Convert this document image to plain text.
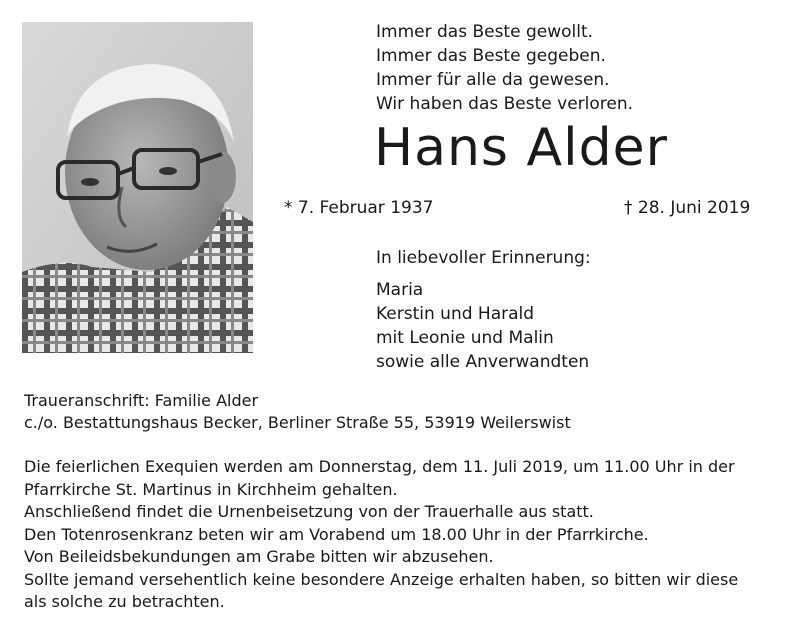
Immer das Beste gewollt.
Immer das Beste gegeben.
Immer für alle da gewesen.
Wir haben das Beste verloren.
Hans Alder
* 7. Februar 1937	† 28. Juni 2019
In liebevoller Erinnerung:
Maria
Kerstin und Harald
mit Leonie und Malin
sowie alle Anverwandten
Traueranschrift: Familie Alder
c./o. Bestattungshaus Becker, Berliner Straße 55, 53919 Weilerswist
Die feierlichen Exequien werden am Donnerstag, dem 11. Juli 2019, um 11.00 Uhr in der
Pfarrkirche St. Martinus in Kirchheim gehalten.
Anschließend findet die Urnenbeisetzung von der Trauerhalle aus statt.
Den Totenrosenkranz beten wir am Vorabend um 18.00 Uhr in der Pfarrkirche.
Von Beileidsbekundungen am Grabe bitten wir abzusehen.
Sollte jemand versehentlich keine besondere Anzeige erhalten haben, so bitten wir diese
als solche zu betrachten.
